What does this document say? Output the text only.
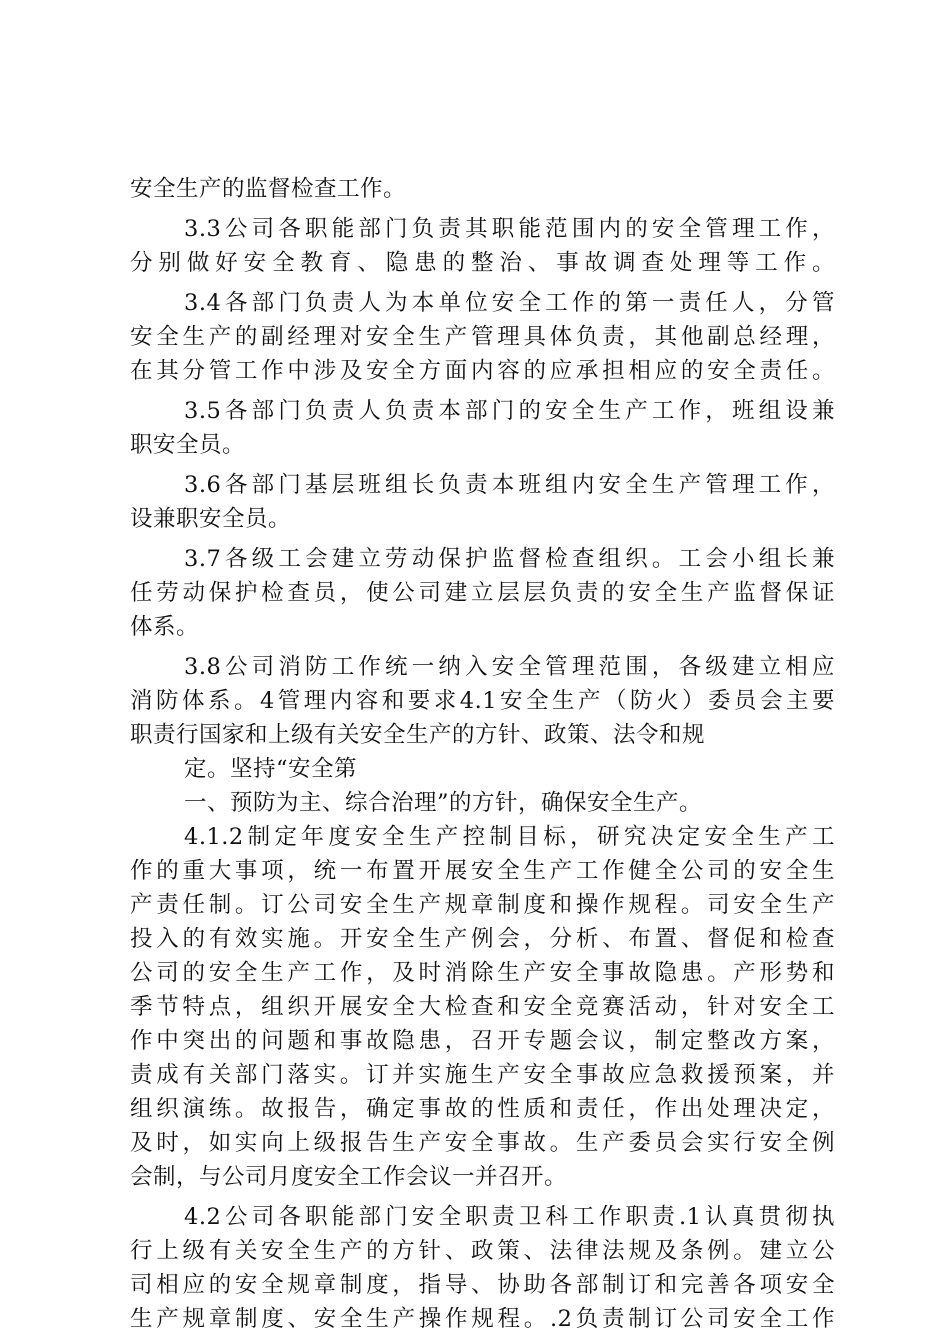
安全生产的监督检查工作。
3.3公司各职能部门负责其职能范围内的安全管理工作，
分别做好安全教育、隐患的整治、事故调查处理等工作。
3.4各部门负责人为本单位安全工作的第一责任人，分管
安全生产的副经理对安全生产管理具体负责，其他副总经理，
在其分管工作中涉及安全方面内容的应承担相应的安全责任。
3.5各部门负责人负责本部门的安全生产工作，班组设兼
职安全员。
3.6各部门基层班组长负责本班组内安全生产管理工作，
设兼职安全员。
3.7各级工会建立劳动保护监督检查组织。工会小组长兼
任劳动保护检查员，使公司建立层层负责的安全生产监督保证
体系。
3.8公司消防工作统一纳入安全管理范围，各级建立相应
消防体系。4管理内容和要求4.1安全生产（防火）委员会主要
职责行国家和上级有关安全生产的方针、政策、法令和规
定。坚持“安全第
一、预防为主、综合治理”的方针，确保安全生产。
4.1.2制定年度安全生产控制目标，研究决定安全生产工
作的重大事项，统一布置开展安全生产工作健全公司的安全生
产责任制。订公司安全生产规章制度和操作规程。司安全生产
投入的有效实施。开安全生产例会，分析、布置、督促和检查
公司的安全生产工作，及时消除生产安全事故隐患。产形势和
季节特点，组织开展安全大检查和安全竞赛活动，针对安全工
作中突出的问题和事故隐患，召开专题会议，制定整改方案，
责成有关部门落实。订并实施生产安全事故应急救援预案，并
组织演练。故报告，确定事故的性质和责任，作出处理决定，
及时，如实向上级报告生产安全事故。生产委员会实行安全例
会制，与公司月度安全工作会议一并召开。
4.2公司各职能部门安全职责卫科工作职责.1认真贯彻执
行上级有关安全生产的方针、政策、法律法规及条例。建立公
司相应的安全规章制度，指导、协助各部制订和完善各项安全
生产规章制度、安全生产操作规程。.2负责制订公司安全工作
